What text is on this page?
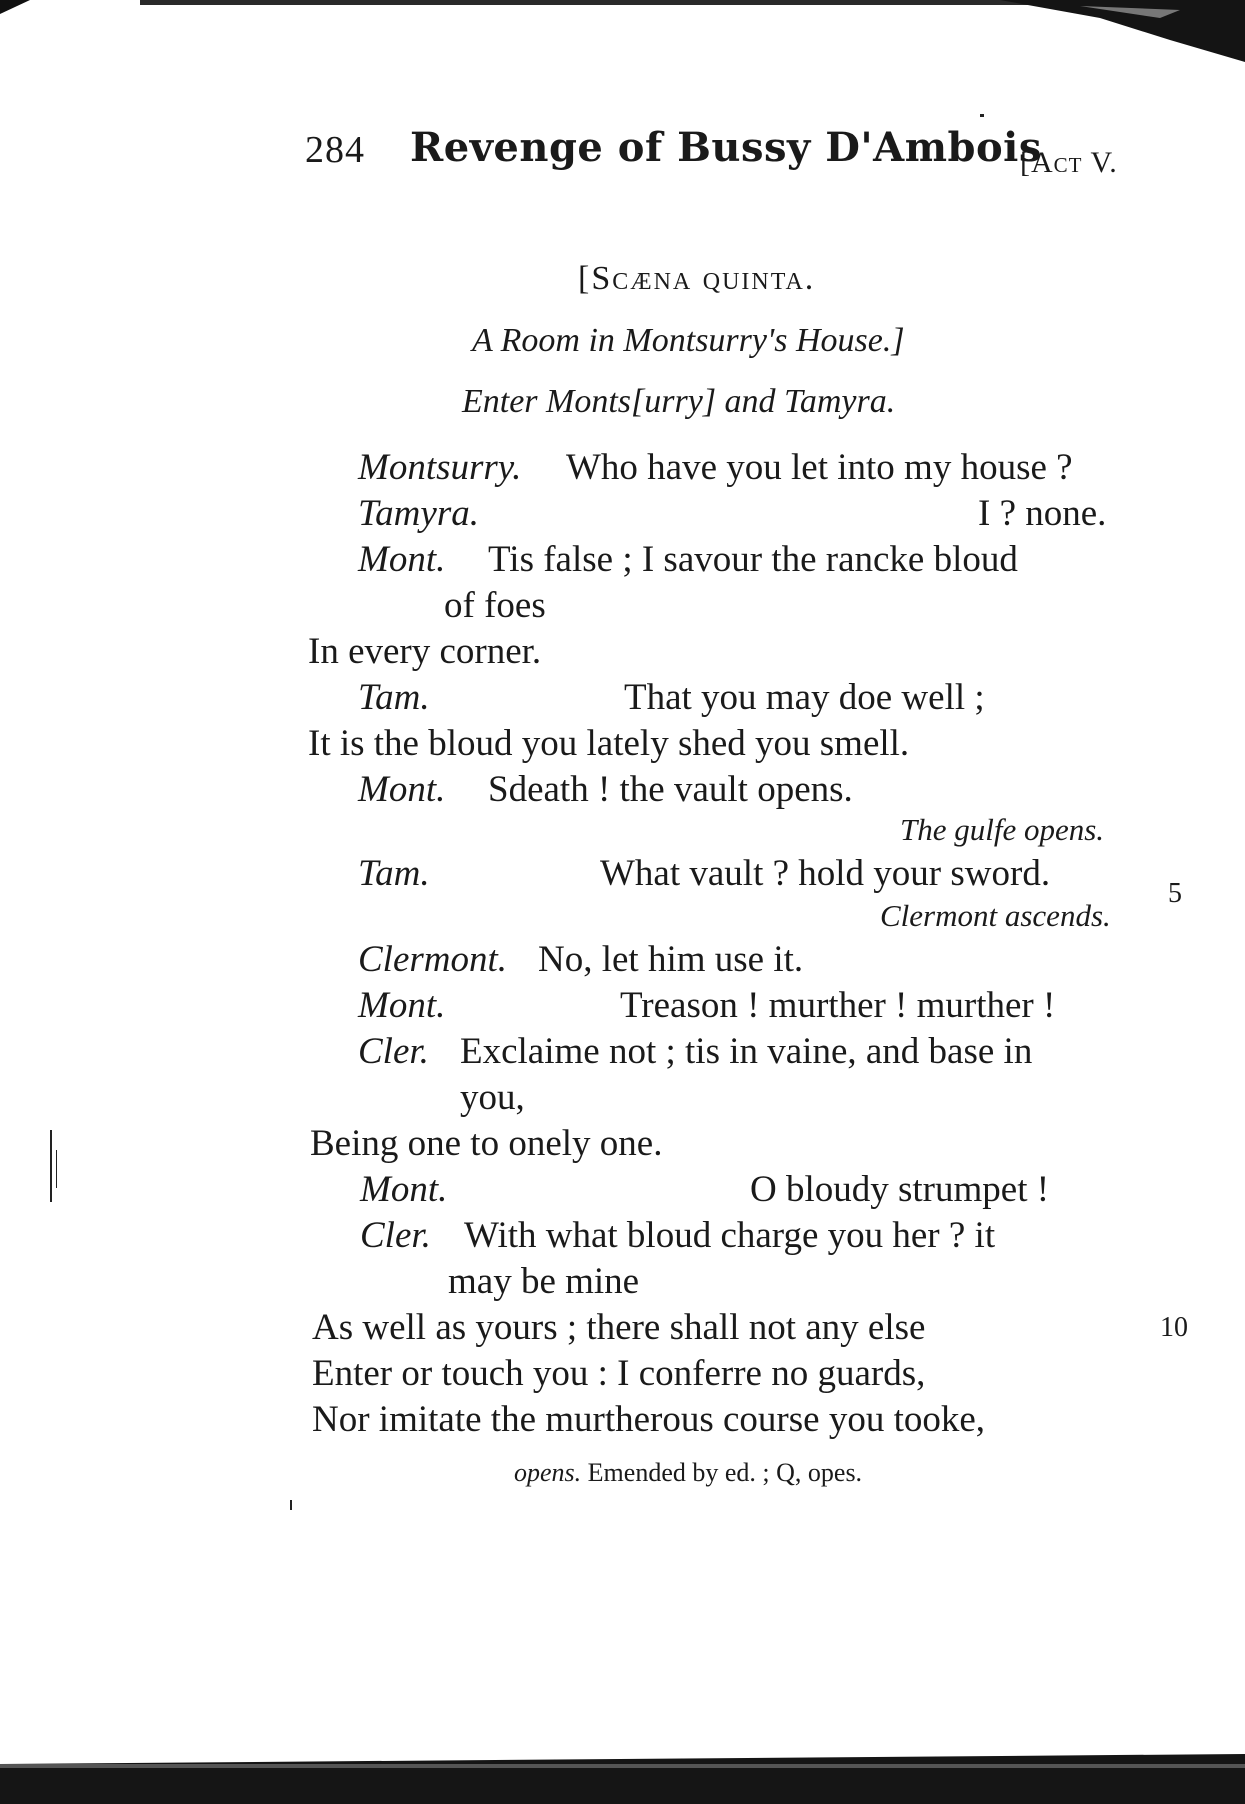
284 Revenge of Bussy D'Ambois
[Act V.
[Scæna quinta.
A Room in Montsurry's House.]
Enter Monts[urry] and Tamyra.
Montsurry. Who have you let into my house ?
Tamyra.	I ? none.
Mont. Tis false ; I savour the rancke bloud
of foes
In every corner.
Tam.	That you may doe well ;
It is the bloud you lately shed you smell.
Mont. Sdeath ! the vault opens.
The gulfe opens.
Tam.	What vault ? hold your sword.	5
Clermont ascends.
Clermont. No, let him use it.
Mont.	Treason ! murther ! murther !
Cler. Exclaime not ; tis in vaine, and base in
you,
Being one to onely one.
Mont.	O bloudy strumpet !
Cler. With what bloud charge you her ? it
may be mine
As well as yours ; there shall not any else	10
Enter or touch you : I conferre no guards,
Nor imitate the murtherous course you tooke,
opens. Emended by ed. ; Q, opes.
